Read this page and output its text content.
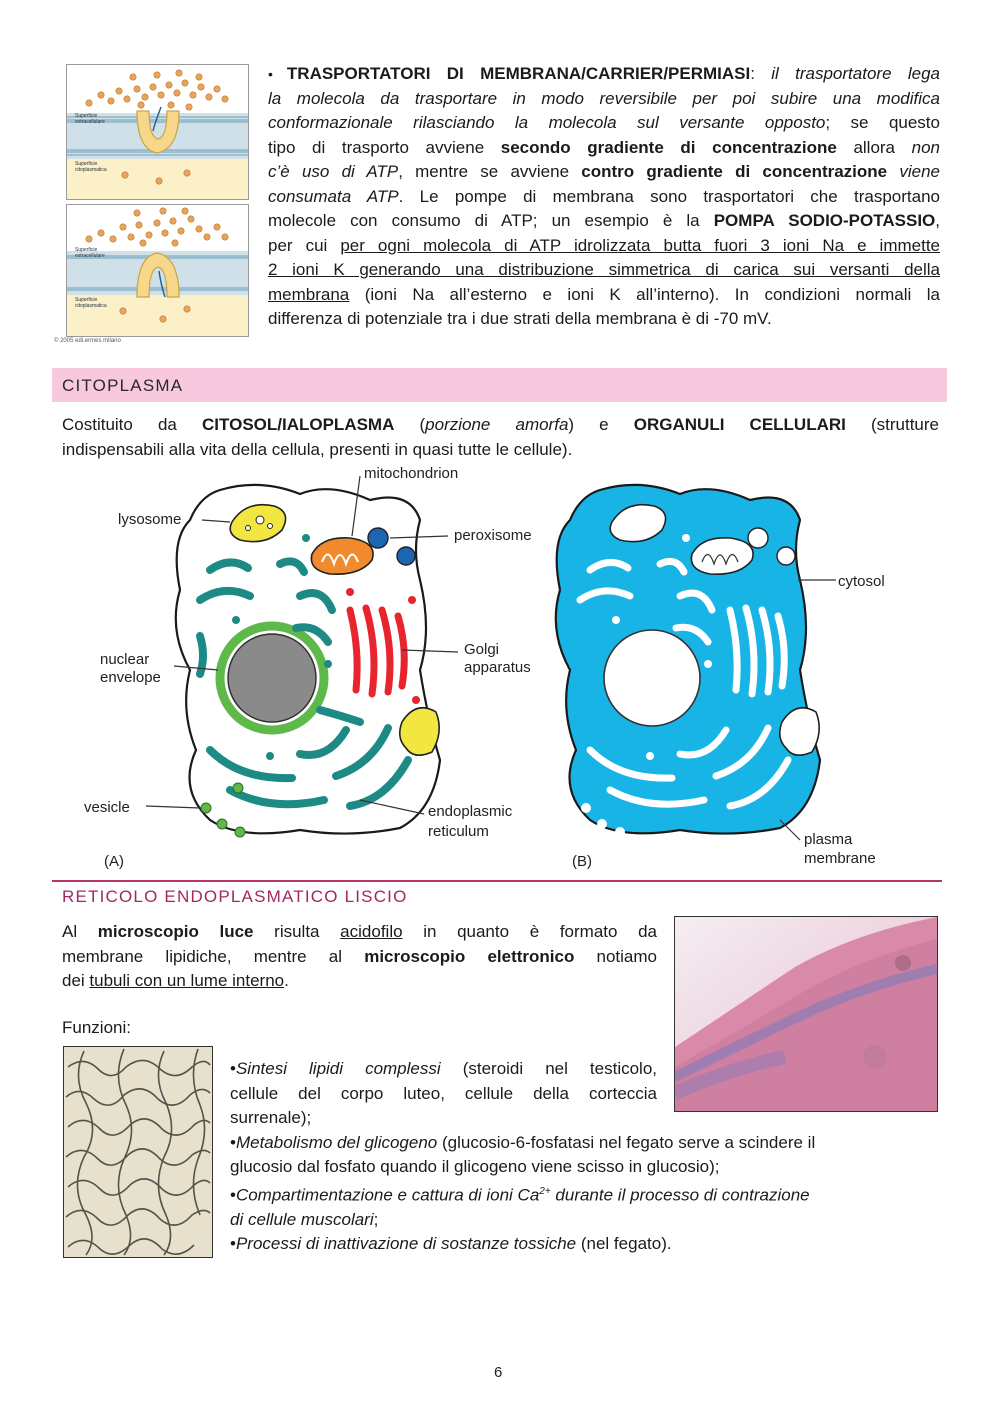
Superficie
extracellulare
Superficie
citoplasmatica
Superficie
extracellulare
Superficie
citoplasmatica
© 2005 edi.ermes milano
• TRASPORTATORI DI MEMBRANA/CARRIER/PERMIASI: il trasportatore lega
la molecola da trasportare in modo reversibile per poi subire una modifica
conformazionale rilasciando la molecola sul versante opposto; se questo
tipo di trasporto avviene secondo gradiente di concentrazione allora non
c’è uso di ATP, mentre se avviene contro gradiente di concentrazione viene
consumata ATP. Le pompe di membrana sono trasportatori che trasportano
molecole con consumo di ATP; un esempio è la POMPA SODIO-POTASSIO,
per cui per ogni molecola di ATP idrolizzata butta fuori 3 ioni Na e immette
2 ioni K generando una distribuzione simmetrica di carica sui versanti della
membrana (ioni Na all’esterno e ioni K all’interno). In condizioni normali la
differenza di potenziale tra i due strati della membrana è di -70 mV.
CITOPLASMA
Costituito da CITOSOL/IALOPLASMA (porzione amorfa) e ORGANULI CELLULARI (strutture
indispensabili alla vita della cellula, presenti in quasi tutte le cellule).
lysosome
mitochondrion
peroxisome
nuclear
envelope
Golgi
apparatus
vesicle	endoplasmic
reticulum
(A)
cytosol
plasma
membrane
(B)
RETICOLO ENDOPLASMATICO LISCIO
Al microscopio luce risulta acidofilo in quanto è formato da
membrane lipidiche, mentre al microscopio elettronico notiamo
dei tubuli con un lume interno.
Funzioni:
•Sintesi lipidi complessi (steroidi nel testicolo,
cellule del corpo luteo, cellule della corteccia
surrenale);
•Metabolismo del glicogeno (glucosio-6-fosfatasi nel fegato serve a scindere il
glucosio dal fosfato quando il glicogeno viene scisso in glucosio);
•Compartimentazione e cattura di ioni $Ca^{2+}$ durante il processo di contrazione
di cellule muscolari;
•Processi di inattivazione di sostanze tossiche (nel fegato).
6
